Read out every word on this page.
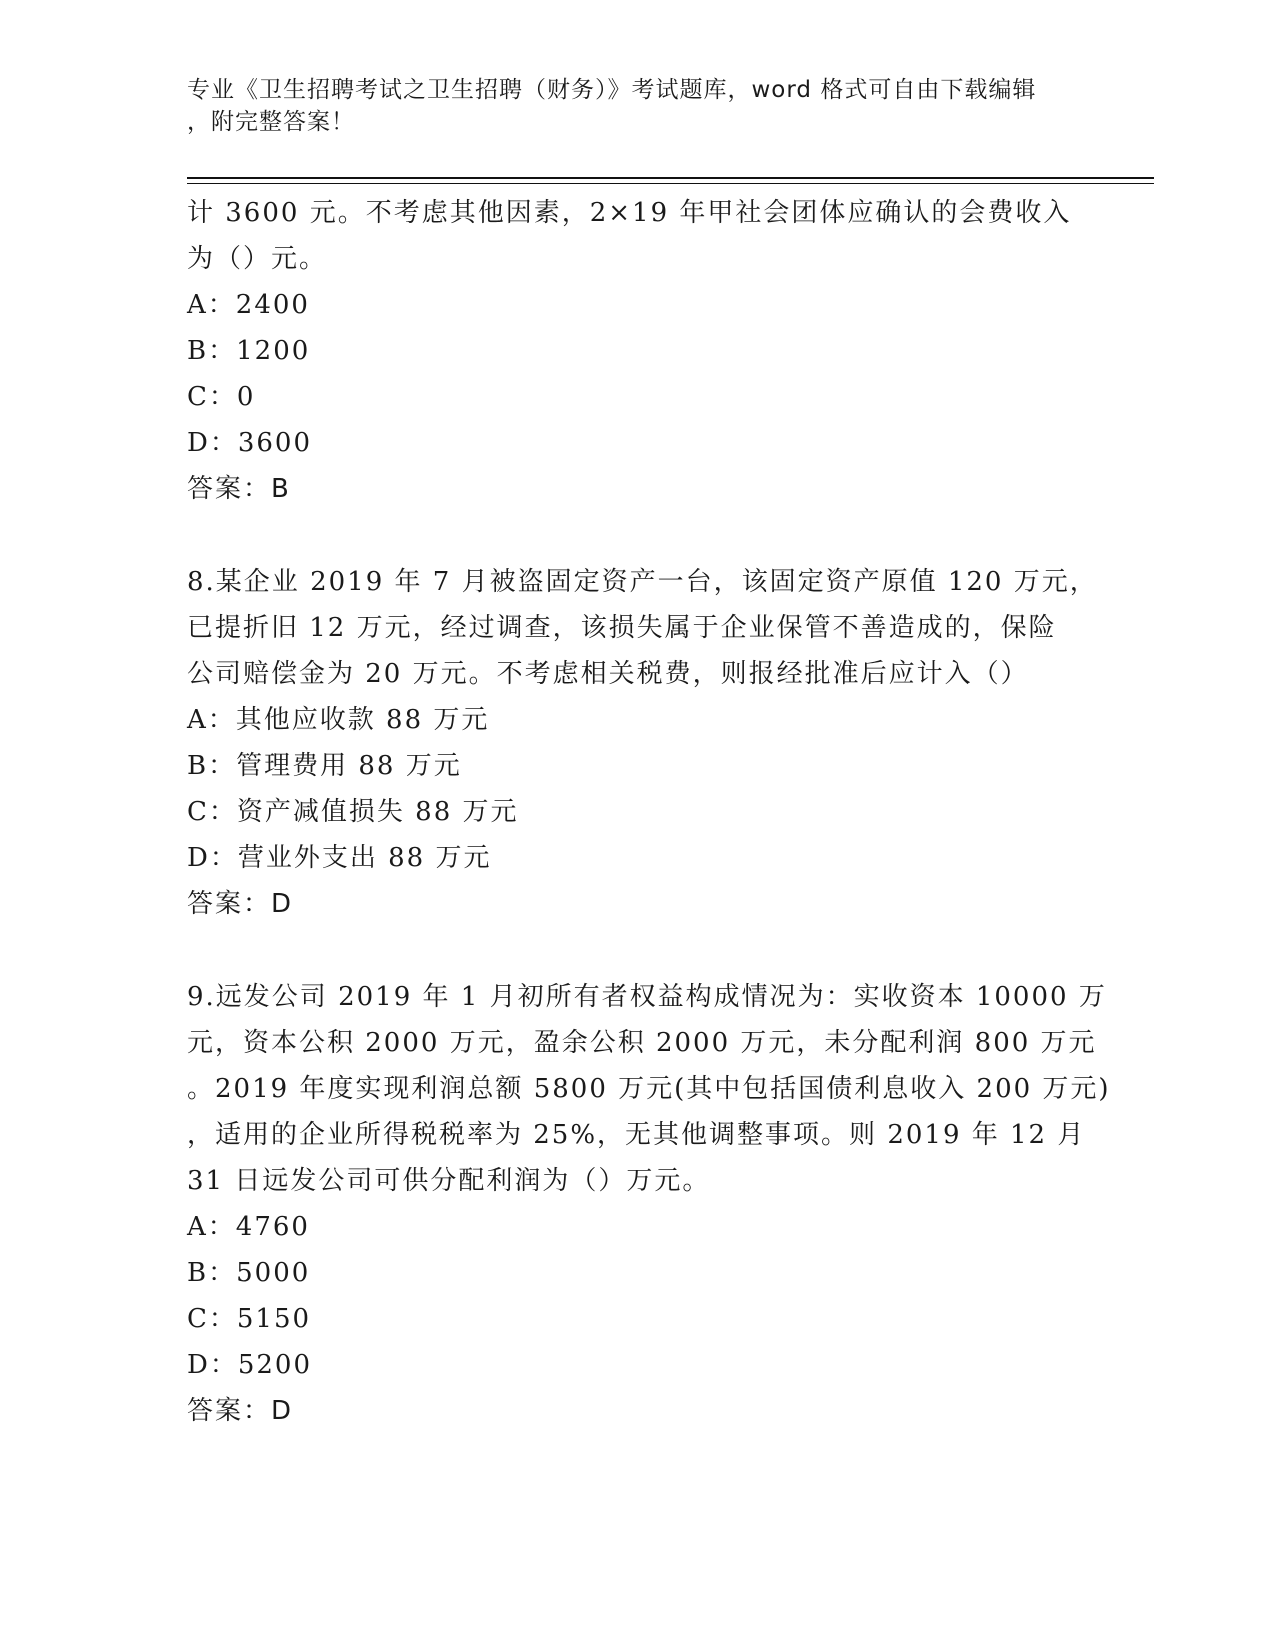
专业《卫生招聘考试之卫生招聘（财务）》考试题库，word 格式可自由下载编辑
，附完整答案！
计 3600 元。不考虑其他因素，2×19 年甲社会团体应确认的会费收入
为（）元。
A：2400
B：1200
C：0
D：3600
答案：B
8.某企业 2019 年 7 月被盗固定资产一台，该固定资产原值 120 万元，
已提折旧 12 万元，经过调查，该损失属于企业保管不善造成的，保险
公司赔偿金为 20 万元。不考虑相关税费，则报经批准后应计入（）
A：其他应收款 88 万元
B：管理费用 88 万元
C：资产减值损失 88 万元
D：营业外支出 88 万元
答案：D
9.远发公司 2019 年 1 月初所有者权益构成情况为：实收资本 10000 万
元，资本公积 2000 万元，盈余公积 2000 万元，未分配利润 800 万元
。2019 年度实现利润总额 5800 万元(其中包括国债利息收入 200 万元)
，适用的企业所得税税率为 25%，无其他调整事项。则 2019 年 12 月
31 日远发公司可供分配利润为（）万元。
A：4760
B：5000
C：5150
D：5200
答案：D
